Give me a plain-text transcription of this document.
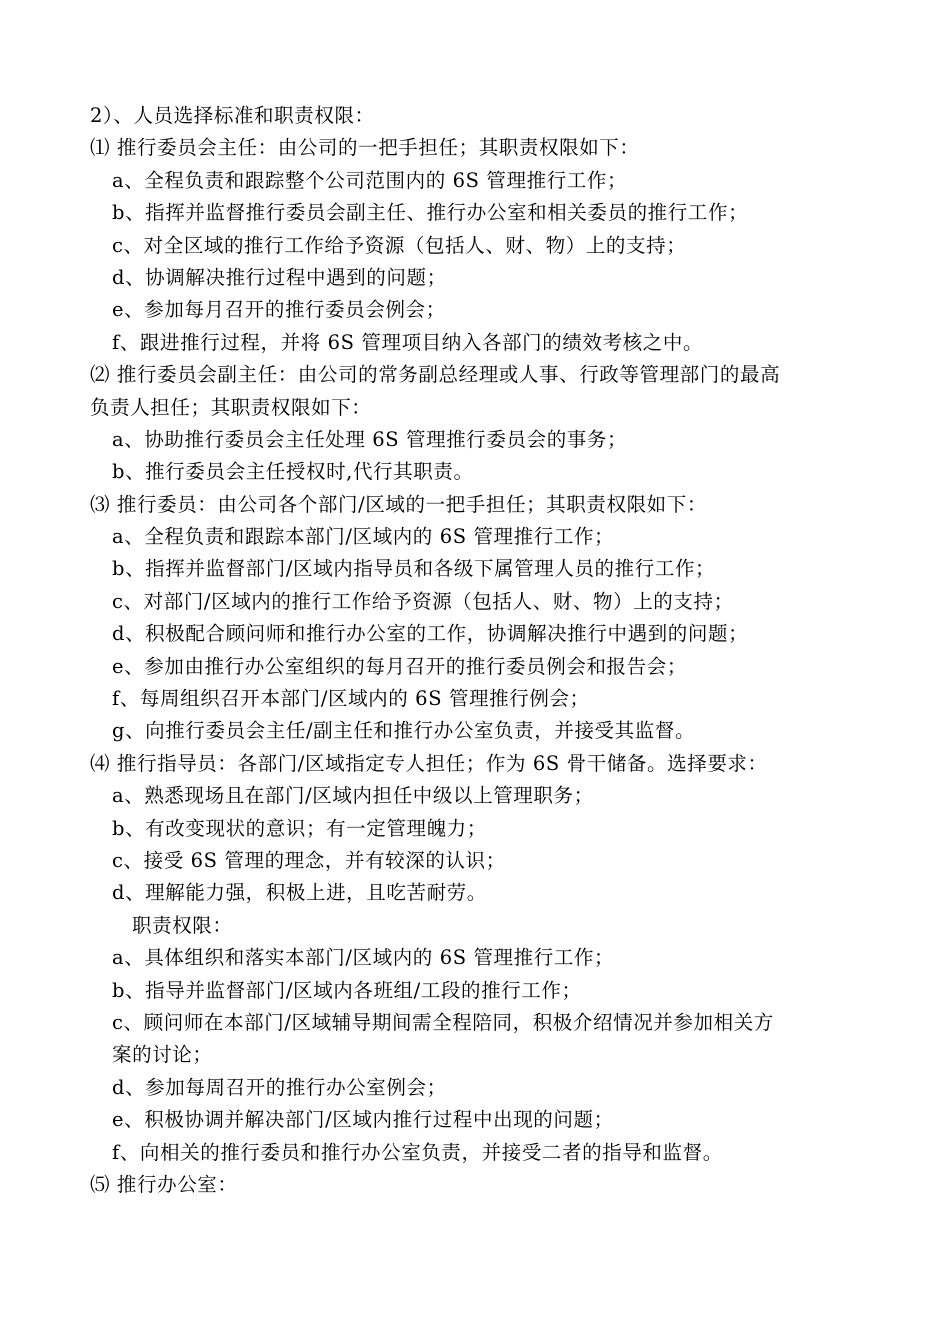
2）、人员选择标准和职责权限：
⑴ 推行委员会主任：由公司的一把手担任；其职责权限如下：
a、全程负责和跟踪整个公司范围内的 6S 管理推行工作；
b、指挥并监督推行委员会副主任、推行办公室和相关委员的推行工作；
c、对全区域的推行工作给予资源（包括人、财、物）上的支持；
d、协调解决推行过程中遇到的问题；
e、参加每月召开的推行委员会例会；
f、跟进推行过程，并将 6S 管理项目纳入各部门的绩效考核之中。
⑵ 推行委员会副主任：由公司的常务副总经理或人事、行政等管理部门的最高
负责人担任；其职责权限如下：
a、协助推行委员会主任处理 6S 管理推行委员会的事务；
b、推行委员会主任授权时,代行其职责。
⑶ 推行委员：由公司各个部门/区域的一把手担任；其职责权限如下：
a、全程负责和跟踪本部门/区域内的 6S 管理推行工作；
b、指挥并监督部门/区域内指导员和各级下属管理人员的推行工作；
c、对部门/区域内的推行工作给予资源（包括人、财、物）上的支持；
d、积极配合顾问师和推行办公室的工作，协调解决推行中遇到的问题；
e、参加由推行办公室组织的每月召开的推行委员例会和报告会；
f、每周组织召开本部门/区域内的 6S 管理推行例会；
g、向推行委员会主任/副主任和推行办公室负责，并接受其监督。
⑷ 推行指导员：各部门/区域指定专人担任；作为 6S 骨干储备。选择要求：
a、熟悉现场且在部门/区域内担任中级以上管理职务；
b、有改变现状的意识；有一定管理魄力；
c、接受 6S 管理的理念，并有较深的认识；
d、理解能力强，积极上进，且吃苦耐劳。
职责权限：
a、具体组织和落实本部门/区域内的 6S 管理推行工作；
b、指导并监督部门/区域内各班组/工段的推行工作；
c、顾问师在本部门/区域辅导期间需全程陪同，积极介绍情况并参加相关方
案的讨论；
d、参加每周召开的推行办公室例会；
e、积极协调并解决部门/区域内推行过程中出现的问题；
f、向相关的推行委员和推行办公室负责，并接受二者的指导和监督。
⑸ 推行办公室：
